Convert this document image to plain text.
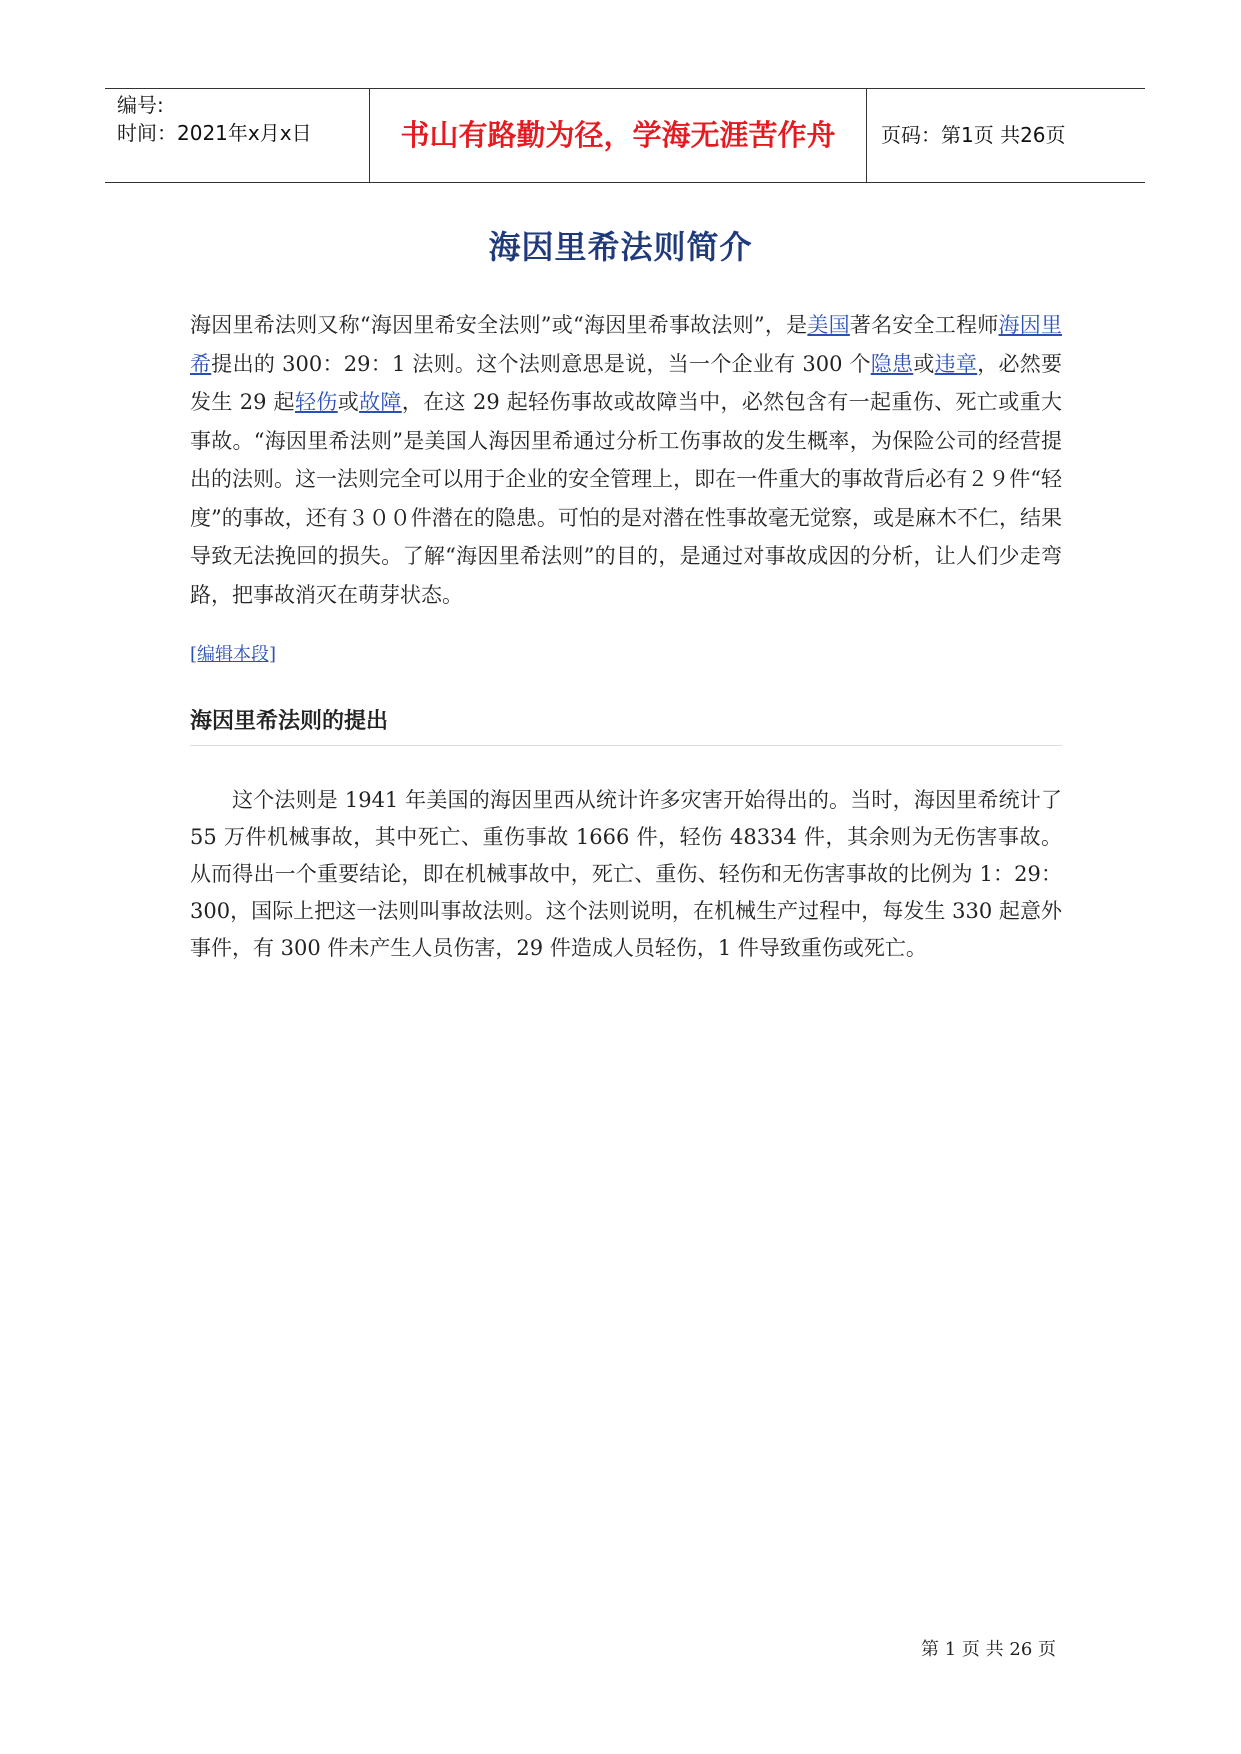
编号:
时间：2021年x月x日	书山有路勤为径，学海无涯苦作舟	页码：第1页 共26页
海因里希法则简介
海因里希法则又称“海因里希安全法则”或“海因里希事故法则”，是美国著名安全工程师海因里希提出的 300：29：1 法则。这个法则意思是说，当一个企业有 300 个隐患或违章，必然要发生 29 起轻伤或故障，在这 29 起轻伤事故或故障当中，必然包含有一起重伤、死亡或重大事故。“海因里希法则”是美国人海因里希通过分析工伤事故的发生概率，为保险公司的经营提出的法则。这一法则完全可以用于企业的安全管理上，即在一件重大的事故背后必有２９件“轻度”的事故，还有３００件潜在的隐患。可怕的是对潜在性事故毫无觉察，或是麻木不仁，结果导致无法挽回的损失。了解“海因里希法则”的目的，是通过对事故成因的分析，让人们少走弯路，把事故消灭在萌芽状态。
[编辑本段]
海因里希法则的提出
这个法则是 1941 年美国的海因里西从统计许多灾害开始得出的。当时，海因里希统计了 55 万件机械事故，其中死亡、重伤事故 1666 件，轻伤 48334 件，其余则为无伤害事故。从而得出一个重要结论，即在机械事故中，死亡、重伤、轻伤和无伤害事故的比例为 1：29：300，国际上把这一法则叫事故法则。这个法则说明，在机械生产过程中，每发生 330 起意外事件，有 300 件未产生人员伤害，29 件造成人员轻伤，1 件导致重伤或死亡。
第 1 页 共 26 页
